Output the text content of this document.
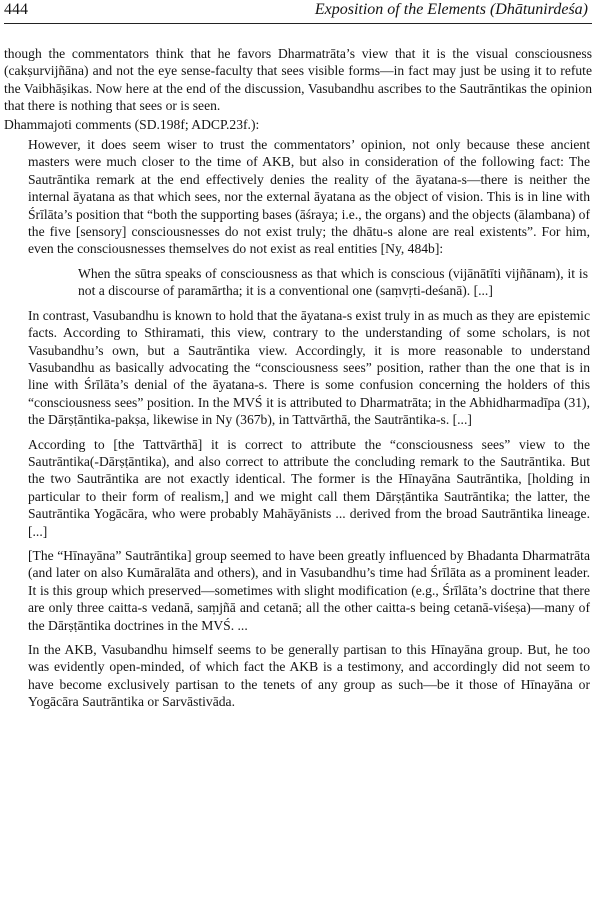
444	Exposition of the Elements (Dhātunirdeśa)

though the commentators think that he favors Dharmatrāta’s view that it is the visual consciousness (cakṣurvijñāna) and not the eye sense-faculty that sees visible forms—in fact may just be using it to refute the Vaibhāṣikas. Now here at the end of the discussion, Vasubandhu ascribes to the Sautrāntikas the opinion that there is nothing that sees or is seen.

Dhammajoti comments (SD.198f; ADCP.23f.):

However, it does seem wiser to trust the commentators’ opinion, not only because these ancient masters were much closer to the time of AKB, but also in consideration of the following fact: The Sautrāntika remark at the end effectively denies the reality of the āyatana-s—there is neither the internal āyatana as that which sees, nor the external āyatana as the object of vision. This is in line with Śrīlāta’s position that “both the supporting bases (āśraya; i.e., the organs) and the objects (ālambana) of the five [sensory] consciousnesses do not exist truly; the dhātu-s alone are real existents”. For him, even the consciousnesses themselves do not exist as real entities [Ny, 484b]:

When the sūtra speaks of consciousness as that which is conscious (vijānātīti vijñānam), it is not a discourse of paramārtha; it is a conventional one (saṃvṛti-deśanā). [...]

In contrast, Vasubandhu is known to hold that the āyatana-s exist truly in as much as they are epistemic facts. According to Sthiramati, this view, contrary to the understanding of some scholars, is not Vasubandhu’s own, but a Sautrāntika view. Accordingly, it is more reasonable to understand Vasubandhu as basically advocating the “consciousness sees” position, rather than the one that is in line with Śrīlāta’s denial of the āyatana-s. There is some confusion concerning the holders of this “consciousness sees” position. In the MVŚ it is attributed to Dharmatrāta; in the Abhidharmadīpa (31), the Dārṣṭāntika-pakṣa, likewise in Ny (367b), in Tattvārthā, the Sautrāntika-s. [...]

According to [the Tattvārthā] it is correct to attribute the “consciousness sees” view to the Sautrāntika(-Dārṣṭāntika), and also correct to attribute the concluding remark to the Sautrāntika. But the two Sautrāntika are not exactly identical. The former is the Hīnayāna Sautrāntika, [holding in particular to their form of realism,] and we might call them Dārṣṭāntika Sautrāntika; the latter, the Sautrāntika Yogācāra, who were probably Mahāyānists ... derived from the broad Sautrāntika lineage. [...]

[The “Hīnayāna” Sautrāntika] group seemed to have been greatly influenced by Bhadanta Dharmatrāta (and later on also Kumāralāta and others), and in Vasubandhu’s time had Śrīlāta as a prominent leader. It is this group which preserved—sometimes with slight modification (e.g., Śrīlāta’s doctrine that there are only three caitta-s vedanā, saṃjñā and cetanā; all the other caitta-s being cetanā-viśeṣa)—many of the Dārṣṭāntika doctrines in the MVŚ. ...

In the AKB, Vasubandhu himself seems to be generally partisan to this Hīnayāna group. But, he too was evidently open-minded, of which fact the AKB is a testimony, and accordingly did not seem to have become exclusively partisan to the tenets of any group as such—be it those of Hīnayāna or Yogācāra Sautrāntika or Sarvāstivāda.
